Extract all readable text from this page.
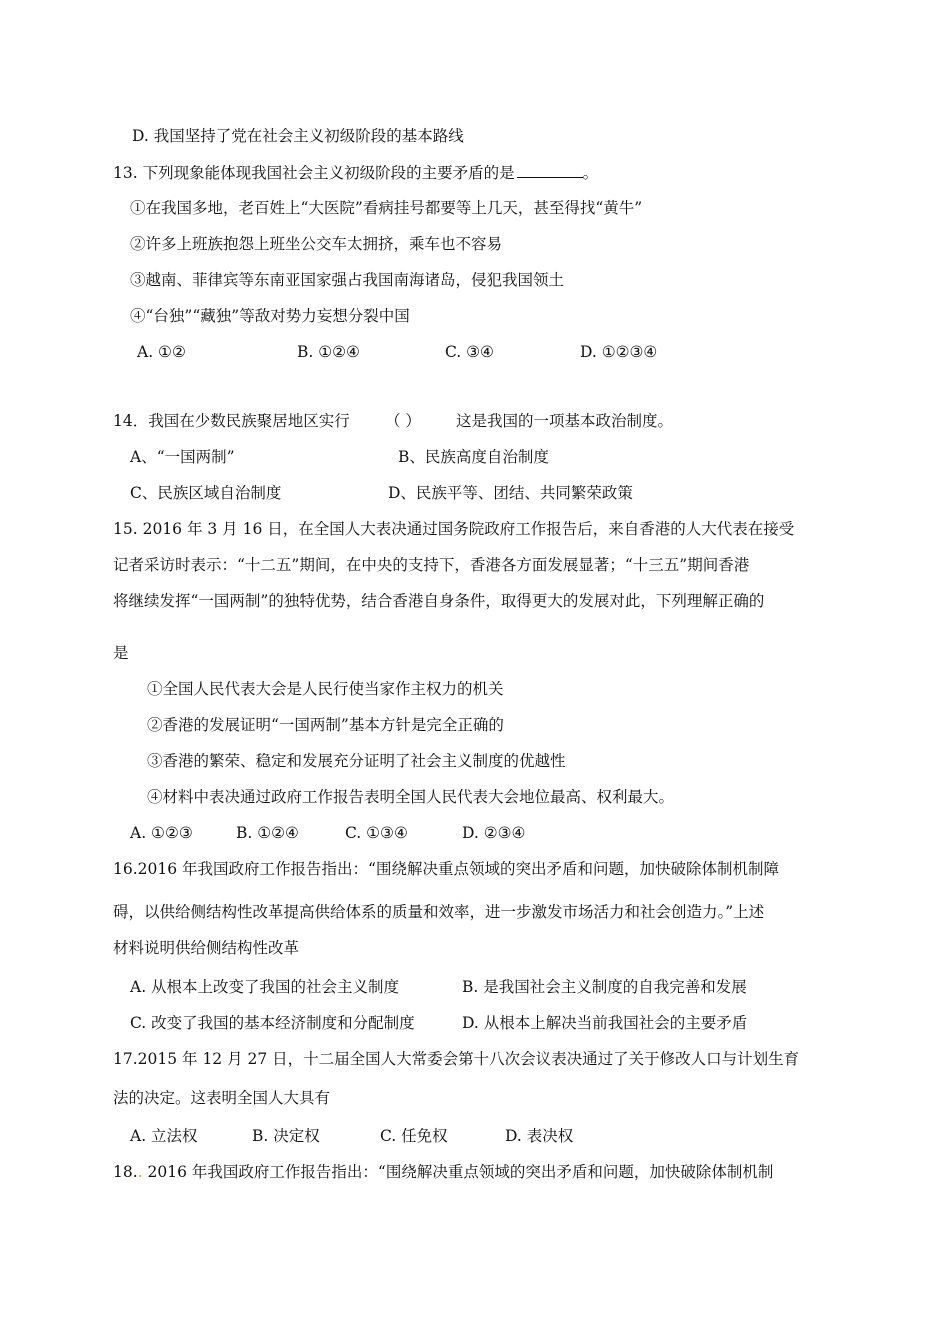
D. 我国坚持了党在社会主义初级阶段的基本路线
13. 下列现象能体现我国社会主义初级阶段的主要矛盾的是	。
①在我国多地，老百姓上“大医院”看病挂号都要等上几天，甚至得找“黄牛”
②许多上班族抱怨上班坐公交车太拥挤，乘车也不容易
③越南、菲律宾等东南亚国家强占我国南海诸岛，侵犯我国领土
④“台独”“藏独”等敌对势力妄想分裂中国
A. ①②	B. ①②④	C. ③④	D. ①②③④
14．我国在少数民族聚居地区实行 （ ） 这是我国的一项基本政治制度。
A、“一国两制”	B、民族高度自治制度
C、民族区域自治制度	D、民族平等、团结、共同繁荣政策
15. 2016 年 3 月 16 日，在全国人大表决通过国务院政府工作报告后，来自香港的人大代表在接受
记者采访时表示：“十二五”期间，在中央的支持下，香港各方面发展显著；“十三五”期间香港
将继续发挥“一国两制”的独特优势，结合香港自身条件，取得更大的发展对此，下列理解正确的
是
①全国人民代表大会是人民行使当家作主权力的机关
②香港的发展证明“一国两制”基本方针是完全正确的
③香港的繁荣、稳定和发展充分证明了社会主义制度的优越性
④材料中表决通过政府工作报告表明全国人民代表大会地位最高、权利最大。
A. ①②③	B. ①②④	C. ①③④	D. ②③④
16.2016 年我国政府工作报告指出：“围绕解决重点领域的突出矛盾和问题，加快破除体制机制障
碍，以供给侧结构性改革提高供给体系的质量和效率，进一步激发市场活力和社会创造力。”上述
材料说明供给侧结构性改革
A. 从根本上改变了我国的社会主义制度	B. 是我国社会主义制度的自我完善和发展
C. 改变了我国的基本经济制度和分配制度	D. 从根本上解决当前我国社会的主要矛盾
17.2015 年 12 月 27 日，十二届全国人大常委会第十八次会议表决通过了关于修改人口与计划生育
法的决定。这表明全国人大具有
A. 立法权	B. 决定权	C. 任免权	D. 表决权
18.. 2016 年我国政府工作报告指出：“围绕解决重点领域的突出矛盾和问题，加快破除体制机制
